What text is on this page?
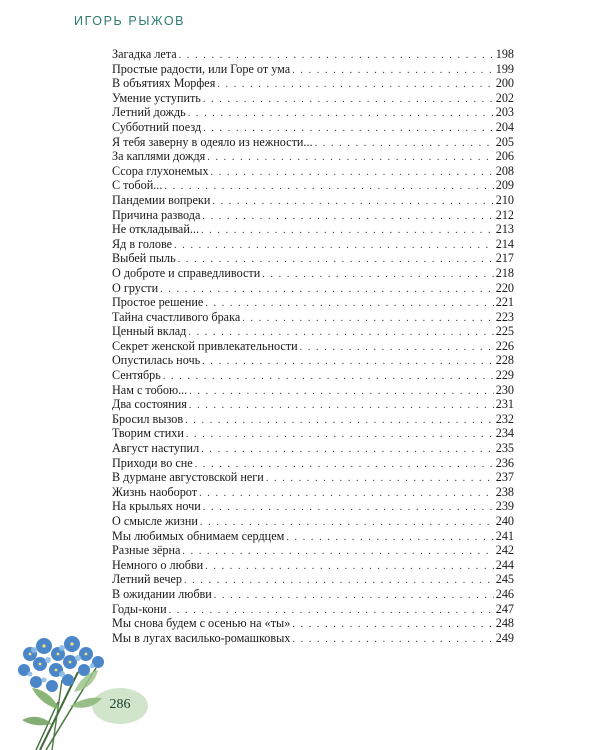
ИГОРЬ РЫЖОВ
Загадка лета . . .	198
Простые радости, или Горе от ума . . .	199
В объятиях Морфея . . .	200
Умение уступить . . .	202
Летний дождь . . .	203
Субботний поезд . . .	204
Я тебя заверну в одеяло из нежности... . . .	205
За каплями дождя . . .	206
Ссора глухонемых . . .	208
С тобой... . . .	209
Пандемии вопреки . . .	210
Причина развода . . .	212
Не откладывай... . . .	213
Яд в голове . . .	214
Выбей пыль . . .	217
О доброте и справедливости . . .	218
О грусти . . .	220
Простое решение . . .	221
Тайна счастливого брака . . .	223
Ценный вклад . . .	225
Секрет женской привлекательности . . .	226
Опустилась ночь . . .	228
Сентябрь . . .	229
Нам с тобою... . . .	230
Два состояния . . .	231
Бросил вызов . . .	232
Творим стихи . . .	234
Август наступил . . .	235
Приходи во сне . . .	236
В дурмане августовской неги . . .	237
Жизнь наоборот . . .	238
На крыльях ночи . . .	239
О смысле жизни . . .	240
Мы любимых обнимаем сердцем . . .	241
Разные зёрна . . .	242
Немного о любви . . .	244
Летний вечер . . .	245
В ожидании любви . . .	246
Годы-кони . . .	247
Мы снова будем с осенью на «ты» . . .	248
Мы в лугах василько-ромашковых . . .	249
286
